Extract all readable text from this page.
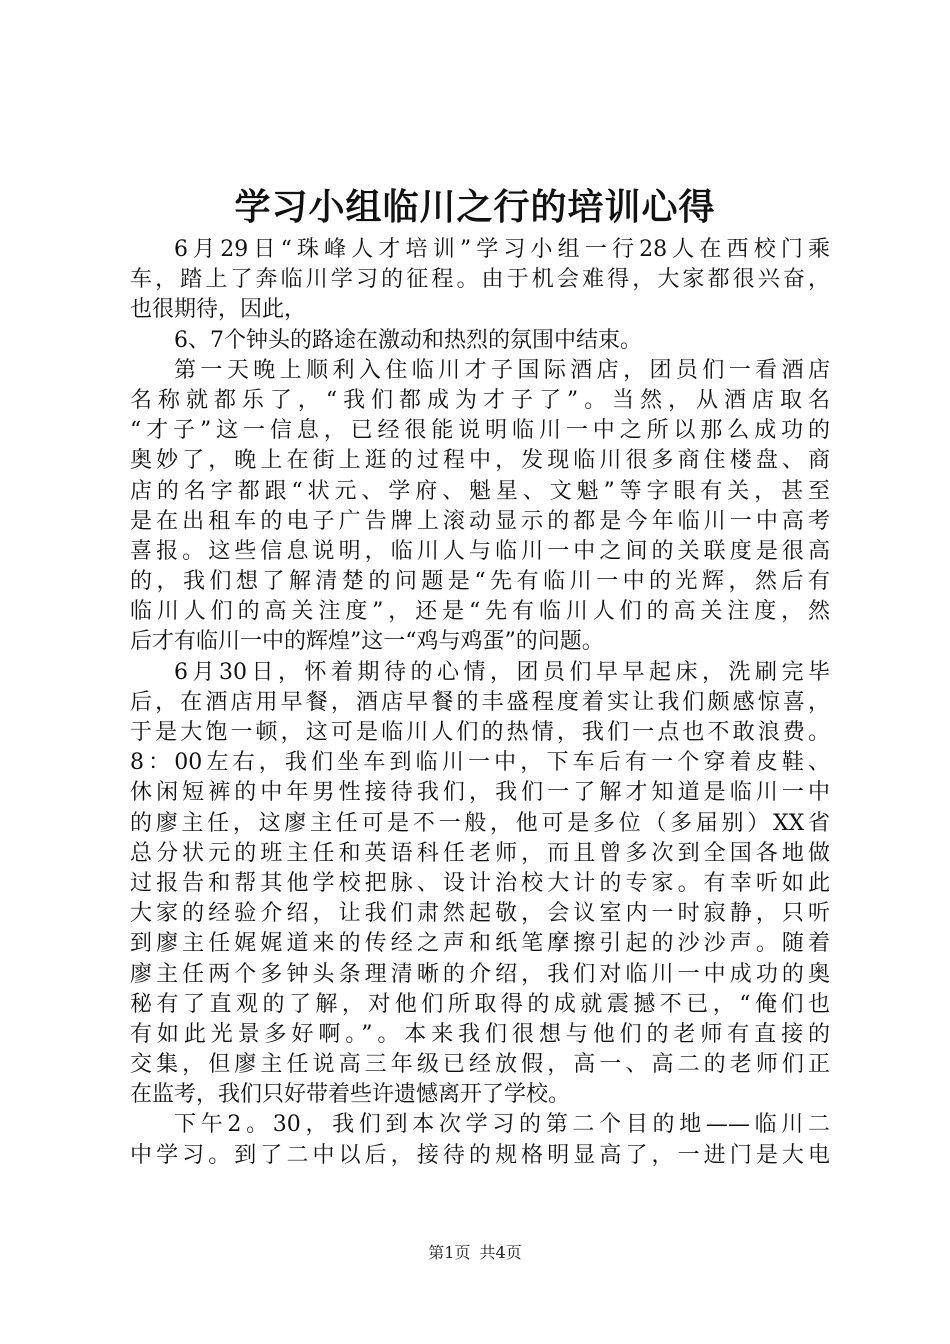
学习小组临川之行的培训心得
6月29日“珠峰人才培训”学习小组一行28人在西校门乘
车，踏上了奔临川学习的征程。由于机会难得，大家都很兴奋，
也很期待，因此，
6、7个钟头的路途在激动和热烈的氛围中结束。
第一天晚上顺利入住临川才子国际酒店，团员们一看酒店
名称就都乐了，“我们都成为才子了”。当然，从酒店取名
“才子”这一信息，已经很能说明临川一中之所以那么成功的
奥妙了，晚上在街上逛的过程中，发现临川很多商住楼盘、商
店的名字都跟“状元、学府、魁星、文魁”等字眼有关，甚至
是在出租车的电子广告牌上滚动显示的都是今年临川一中高考
喜报。这些信息说明，临川人与临川一中之间的关联度是很高
的，我们想了解清楚的问题是“先有临川一中的光辉，然后有
临川人们的高关注度”，还是“先有临川人们的高关注度，然
后才有临川一中的辉煌”这一“鸡与鸡蛋”的问题。
6月30日，怀着期待的心情，团员们早早起床，洗刷完毕
后，在酒店用早餐，酒店早餐的丰盛程度着实让我们颇感惊喜，
于是大饱一顿，这可是临川人们的热情，我们一点也不敢浪费。
8：00左右，我们坐车到临川一中，下车后有一个穿着皮鞋、
休闲短裤的中年男性接待我们，我们一了解才知道是临川一中
的廖主任，这廖主任可是不一般，他可是多位（多届别）XX省
总分状元的班主任和英语科任老师，而且曾多次到全国各地做
过报告和帮其他学校把脉、设计治校大计的专家。有幸听如此
大家的经验介绍，让我们肃然起敬，会议室内一时寂静，只听
到廖主任娓娓道来的传经之声和纸笔摩擦引起的沙沙声。随着
廖主任两个多钟头条理清晰的介绍，我们对临川一中成功的奥
秘有了直观的了解，对他们所取得的成就震撼不已，“俺们也
有如此光景多好啊。”。本来我们很想与他们的老师有直接的
交集，但廖主任说高三年级已经放假，高一、高二的老师们正
在监考，我们只好带着些许遗憾离开了学校。
下午2。30，我们到本次学习的第二个目的地——临川二
中学习。到了二中以后，接待的规格明显高了，一进门是大电
第1页 共4页
